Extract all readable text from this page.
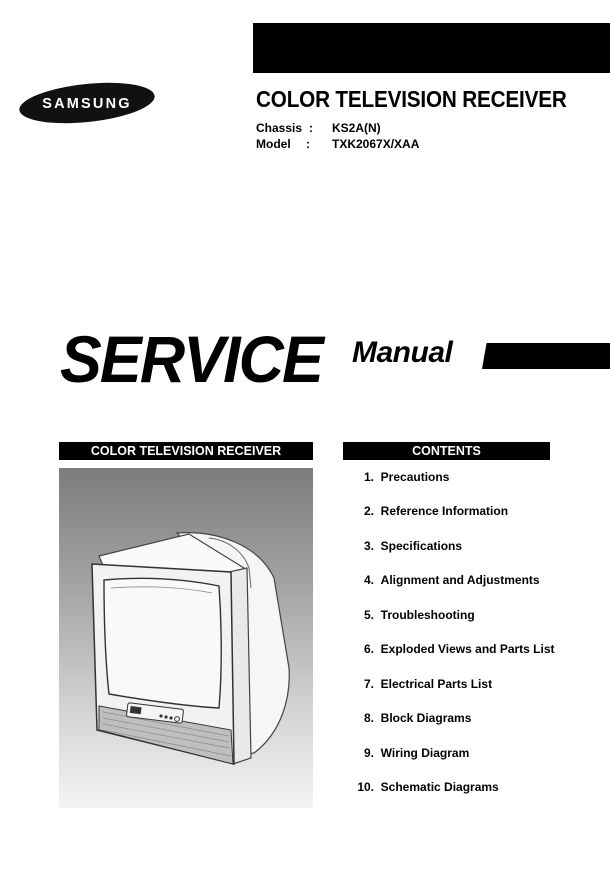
SAMSUNG	COLOR TELEVISION RECEIVER
Chassis : KS2A(N)
Model : TXK2067X/XAA
SERVICE Manual
COLOR TELEVISION RECEIVER	CONTENTS
1. Precautions
2. Reference Information
3. Specifications
4. Alignment and Adjustments
5. Troubleshooting
6. Exploded Views and Parts List
7. Electrical Parts List
8. Block Diagrams
9. Wiring Diagram
10. Schematic Diagrams
